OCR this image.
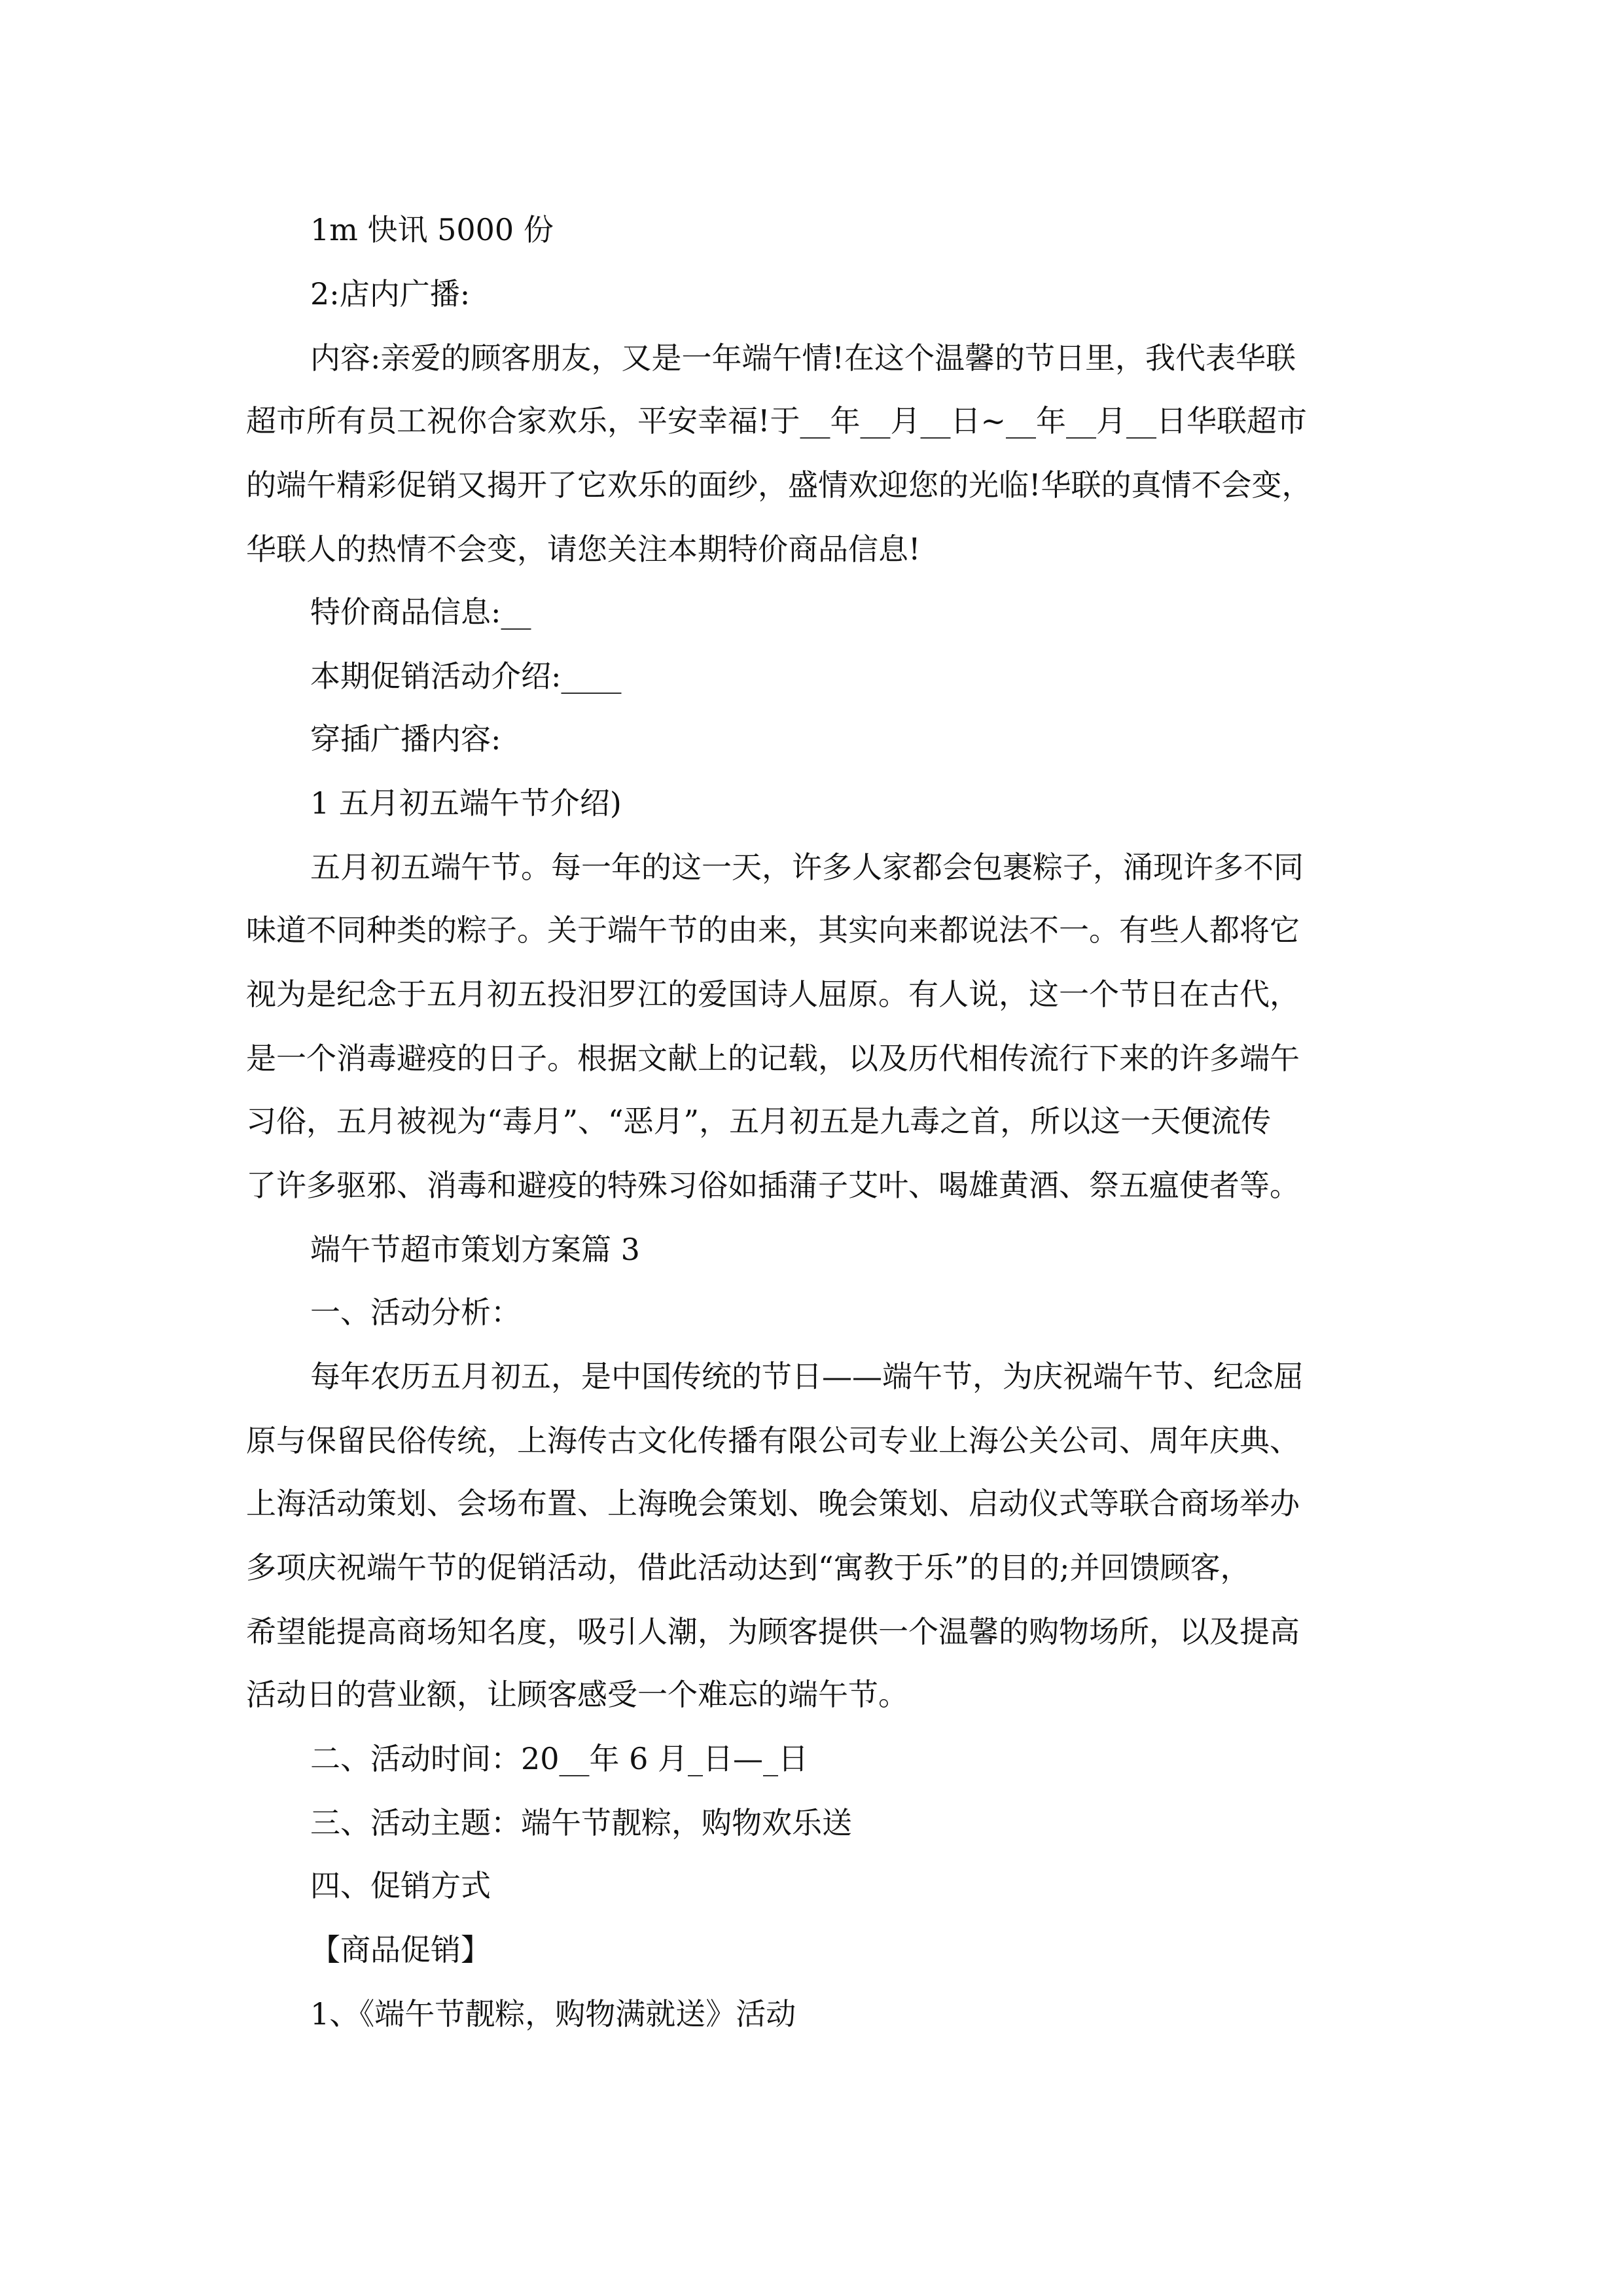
1m 快讯 5000 份
2:店内广播:
内容:亲爱的顾客朋友，又是一年端午情!在这个温馨的节日里，我代表华联
超市所有员工祝你合家欢乐，平安幸福!于__年__月__日~__年__月__日华联超市
的端午精彩促销又揭开了它欢乐的面纱，盛情欢迎您的光临!华联的真情不会变，
华联人的热情不会变，请您关注本期特价商品信息!
特价商品信息:__
本期促销活动介绍:____
穿插广播内容:
1 五月初五端午节介绍)
五月初五端午节。每一年的这一天，许多人家都会包裹粽子，涌现许多不同
味道不同种类的粽子。关于端午节的由来，其实向来都说法不一。有些人都将它
视为是纪念于五月初五投汨罗江的爱国诗人屈原。有人说，这一个节日在古代，
是一个消毒避疫的日子。根据文献上的记载，以及历代相传流行下来的许多端午
习俗，五月被视为“毒月”、“恶月”，五月初五是九毒之首，所以这一天便流传
了许多驱邪、消毒和避疫的特殊习俗如插蒲子艾叶、喝雄黄酒、祭五瘟使者等。
端午节超市策划方案篇 3
一、活动分析：
每年农历五月初五，是中国传统的节日——端午节，为庆祝端午节、纪念屈
原与保留民俗传统，上海传古文化传播有限公司专业上海公关公司、周年庆典、
上海活动策划、会场布置、上海晚会策划、晚会策划、启动仪式等联合商场举办
多项庆祝端午节的促销活动，借此活动达到“寓教于乐”的目的;并回馈顾客，
希望能提高商场知名度，吸引人潮，为顾客提供一个温馨的购物场所，以及提高
活动日的营业额，让顾客感受一个难忘的端午节。
二、活动时间：20__年 6 月_日—_日
三、活动主题：端午节靓粽，购物欢乐送
四、促销方式
【商品促销】
1、《端午节靓粽，购物满就送》活动
